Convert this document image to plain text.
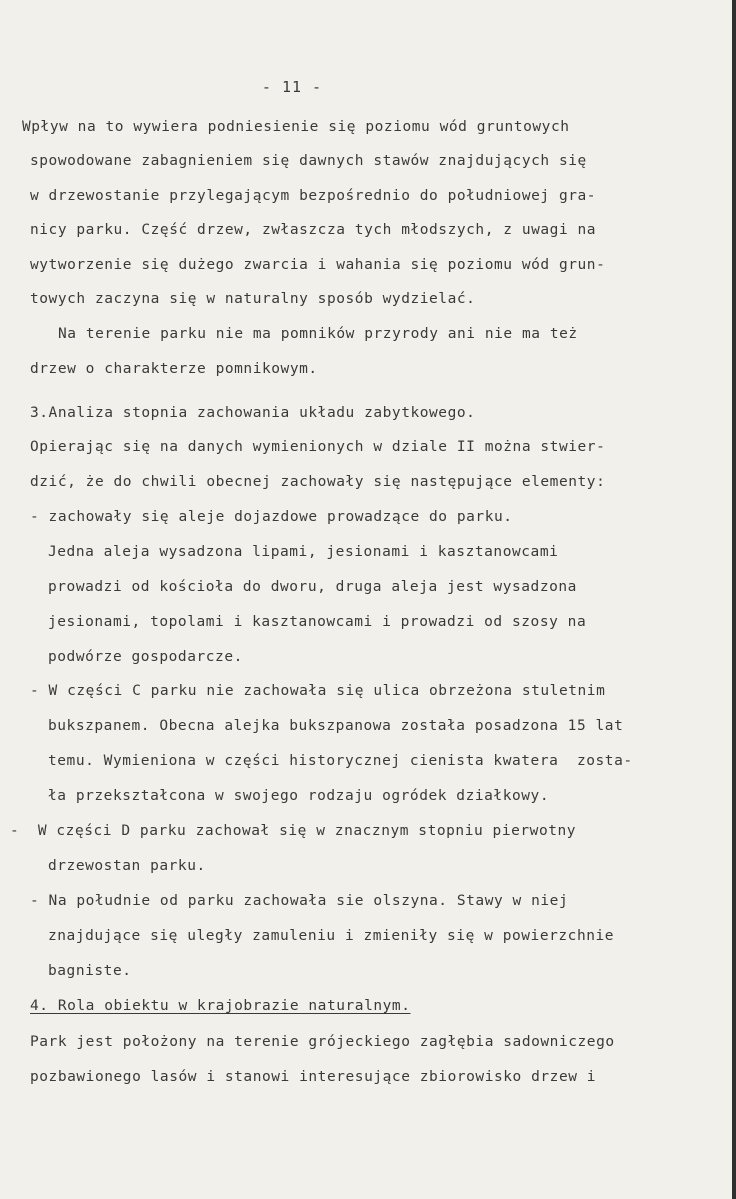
- 11 -
Wpływ na to wywiera podniesienie się poziomu wód gruntowych
spowodowane zabagnieniem się dawnych stawów znajdujących się
w drzewostanie przylegającym bezpośrednio do południowej gra-
nicy parku. Część drzew, zwłaszcza tych młodszych, z uwagi na
wytworzenie się dużego zwarcia i wahania się poziomu wód grun-
towych zaczyna się w naturalny sposób wydzielać.
Na terenie parku nie ma pomników przyrody ani nie ma też
drzew o charakterze pomnikowym.
3.Analiza stopnia zachowania układu zabytkowego.
Opierając się na danych wymienionych w dziale II można stwier-
dzić, że do chwili obecnej zachowały się następujące elementy:
- zachowały się aleje dojazdowe prowadzące do parku.
Jedna aleja wysadzona lipami, jesionami i kasztanowcami
prowadzi od kościoła do dworu, druga aleja jest wysadzona
jesionami, topolami i kasztanowcami i prowadzi od szosy na
podwórze gospodarcze.
- W części C parku nie zachowała się ulica obrzeżona stuletnim
bukszpanem. Obecna alejka bukszpanowa została posadzona 15 lat
temu. Wymieniona w części historycznej cienista kwatera  zosta-
ła przekształcona w swojego rodzaju ogródek działkowy.
-  W części D parku zachował się w znacznym stopniu pierwotny
drzewostan parku.
- Na południe od parku zachowała sie olszyna. Stawy w niej
znajdujące się uległy zamuleniu i zmieniły się w powierzchnie
bagniste.
4. Rola obiektu w krajobrazie naturalnym.
Park jest położony na terenie grójeckiego zagłębia sadowniczego
pozbawionego lasów i stanowi interesujące zbiorowisko drzew i
